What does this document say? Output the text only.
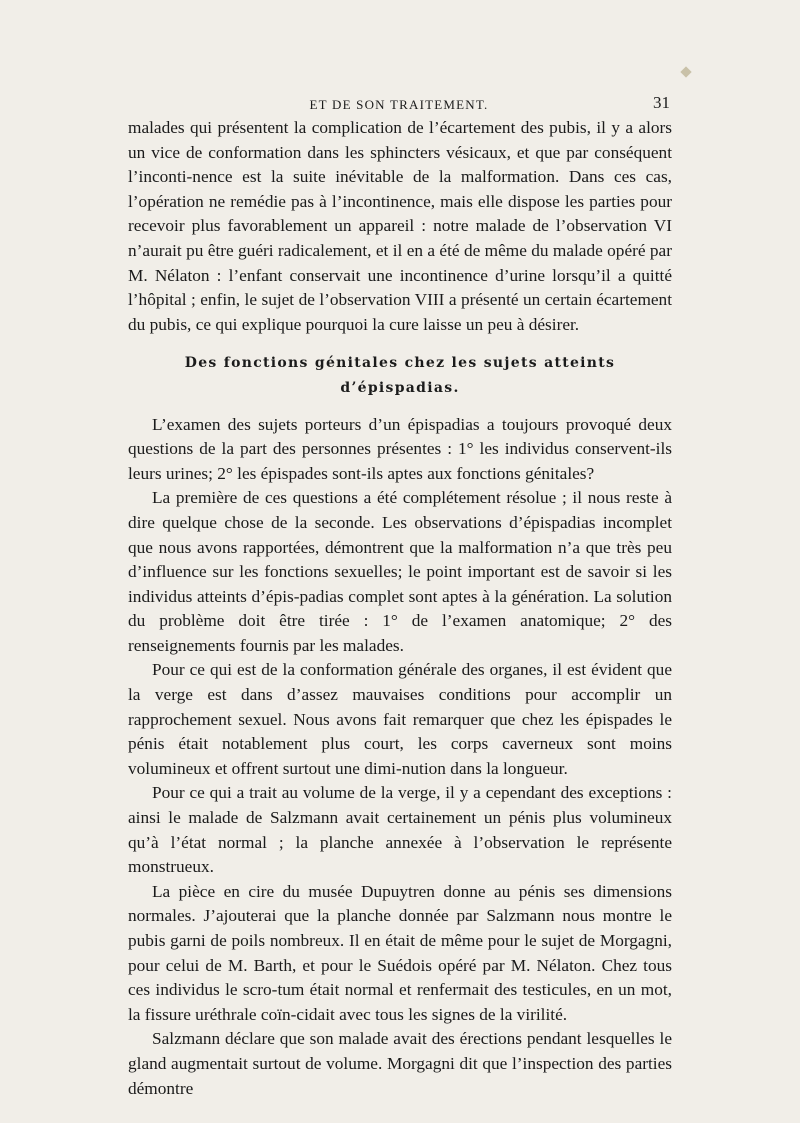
ET DE SON TRAITEMENT.	31

malades qui présentent la complication de l’écartement des pubis, il y a alors un vice de conformation dans les sphincters vésicaux, et que par conséquent l’inconti-nence est la suite inévitable de la malformation. Dans ces cas, l’opération ne remédie pas à l’incontinence, mais elle dispose les parties pour recevoir plus favorablement un appareil : notre malade de l’observation VI n’aurait pu être guéri radicalement, et il en a été de même du malade opéré par M. Nélaton : l’enfant conservait une incontinence d’urine lorsqu’il a quitté l’hôpital ; enfin, le sujet de l’observation VIII a présenté un certain écartement du pubis, ce qui explique pourquoi la cure laisse un peu à désirer.

Des fonctions génitales chez les sujets atteints d’épispadias.

L’examen des sujets porteurs d’un épispadias a toujours provoqué deux questions de la part des personnes présentes : 1° les individus conservent-ils leurs urines; 2° les épispades sont-ils aptes aux fonctions génitales?

La première de ces questions a été complétement résolue ; il nous reste à dire quelque chose de la seconde. Les observations d’épispadias incomplet que nous avons rapportées, démontrent que la malformation n’a que très peu d’influence sur les fonctions sexuelles; le point important est de savoir si les individus atteints d’épis-padias complet sont aptes à la génération. La solution du problème doit être tirée : 1° de l’examen anatomique; 2° des renseignements fournis par les malades.

Pour ce qui est de la conformation générale des organes, il est évident que la verge est dans d’assez mauvaises conditions pour accomplir un rapprochement sexuel. Nous avons fait remarquer que chez les épispades le pénis était notablement plus court, les corps caverneux sont moins volumineux et offrent surtout une dimi-nution dans la longueur.

Pour ce qui a trait au volume de la verge, il y a cependant des exceptions : ainsi le malade de Salzmann avait certainement un pénis plus volumineux qu’à l’état normal ; la planche annexée à l’observation le représente monstrueux.

La pièce en cire du musée Dupuytren donne au pénis ses dimensions normales. J’ajouterai que la planche donnée par Salzmann nous montre le pubis garni de poils nombreux. Il en était de même pour le sujet de Morgagni, pour celui de M. Barth, et pour le Suédois opéré par M. Nélaton. Chez tous ces individus le scro-tum était normal et renfermait des testicules, en un mot, la fissure uréthrale coïn-cidait avec tous les signes de la virilité.

Salzmann déclare que son malade avait des érections pendant lesquelles le gland augmentait surtout de volume. Morgagni dit que l’inspection des parties démontre
